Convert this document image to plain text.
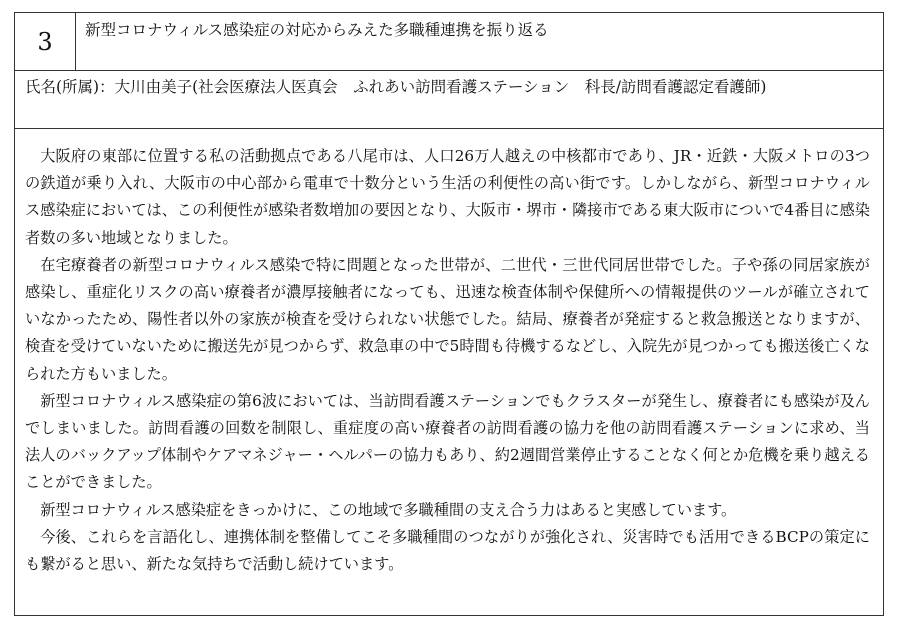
3	新型コロナウィルス感染症の対応からみえた多職種連携を振り返る
氏名(所属)：大川由美子(社会医療法人医真会　ふれあい訪問看護ステーション　科長/訪問看護認定看護師)

大阪府の東部に位置する私の活動拠点である八尾市は、人口26万人越えの中核都市であり、JR・近鉄・大阪メトロの3つの鉄道が乗り入れ、大阪市の中心部から電車で十数分という生活の利便性の高い街です。しかしながら、新型コロナウィルス感染症においては、この利便性が感染者数増加の要因となり、大阪市・堺市・隣接市である東大阪市についで4番目に感染者数の多い地域となりました。

在宅療養者の新型コロナウィルス感染で特に問題となった世帯が、二世代・三世代同居世帯でした。子や孫の同居家族が感染し、重症化リスクの高い療養者が濃厚接触者になっても、迅速な検査体制や保健所への情報提供のツールが確立されていなかったため、陽性者以外の家族が検査を受けられない状態でした。結局、療養者が発症すると救急搬送となりますが、検査を受けていないために搬送先が見つからず、救急車の中で5時間も待機するなどし、入院先が見つかっても搬送後亡くなられた方もいました。

新型コロナウィルス感染症の第6波においては、当訪問看護ステーションでもクラスターが発生し、療養者にも感染が及んでしまいました。訪問看護の回数を制限し、重症度の高い療養者の訪問看護の協力を他の訪問看護ステーションに求め、当法人のバックアップ体制やケアマネジャー・ヘルパーの協力もあり、約2週間営業停止することなく何とか危機を乗り越えることができました。

新型コロナウィルス感染症をきっかけに、この地域で多職種間の支え合う力はあると実感しています。

今後、これらを言語化し、連携体制を整備してこそ多職種間のつながりが強化され、災害時でも活用できるBCPの策定にも繋がると思い、新たな気持ちで活動し続けています。
